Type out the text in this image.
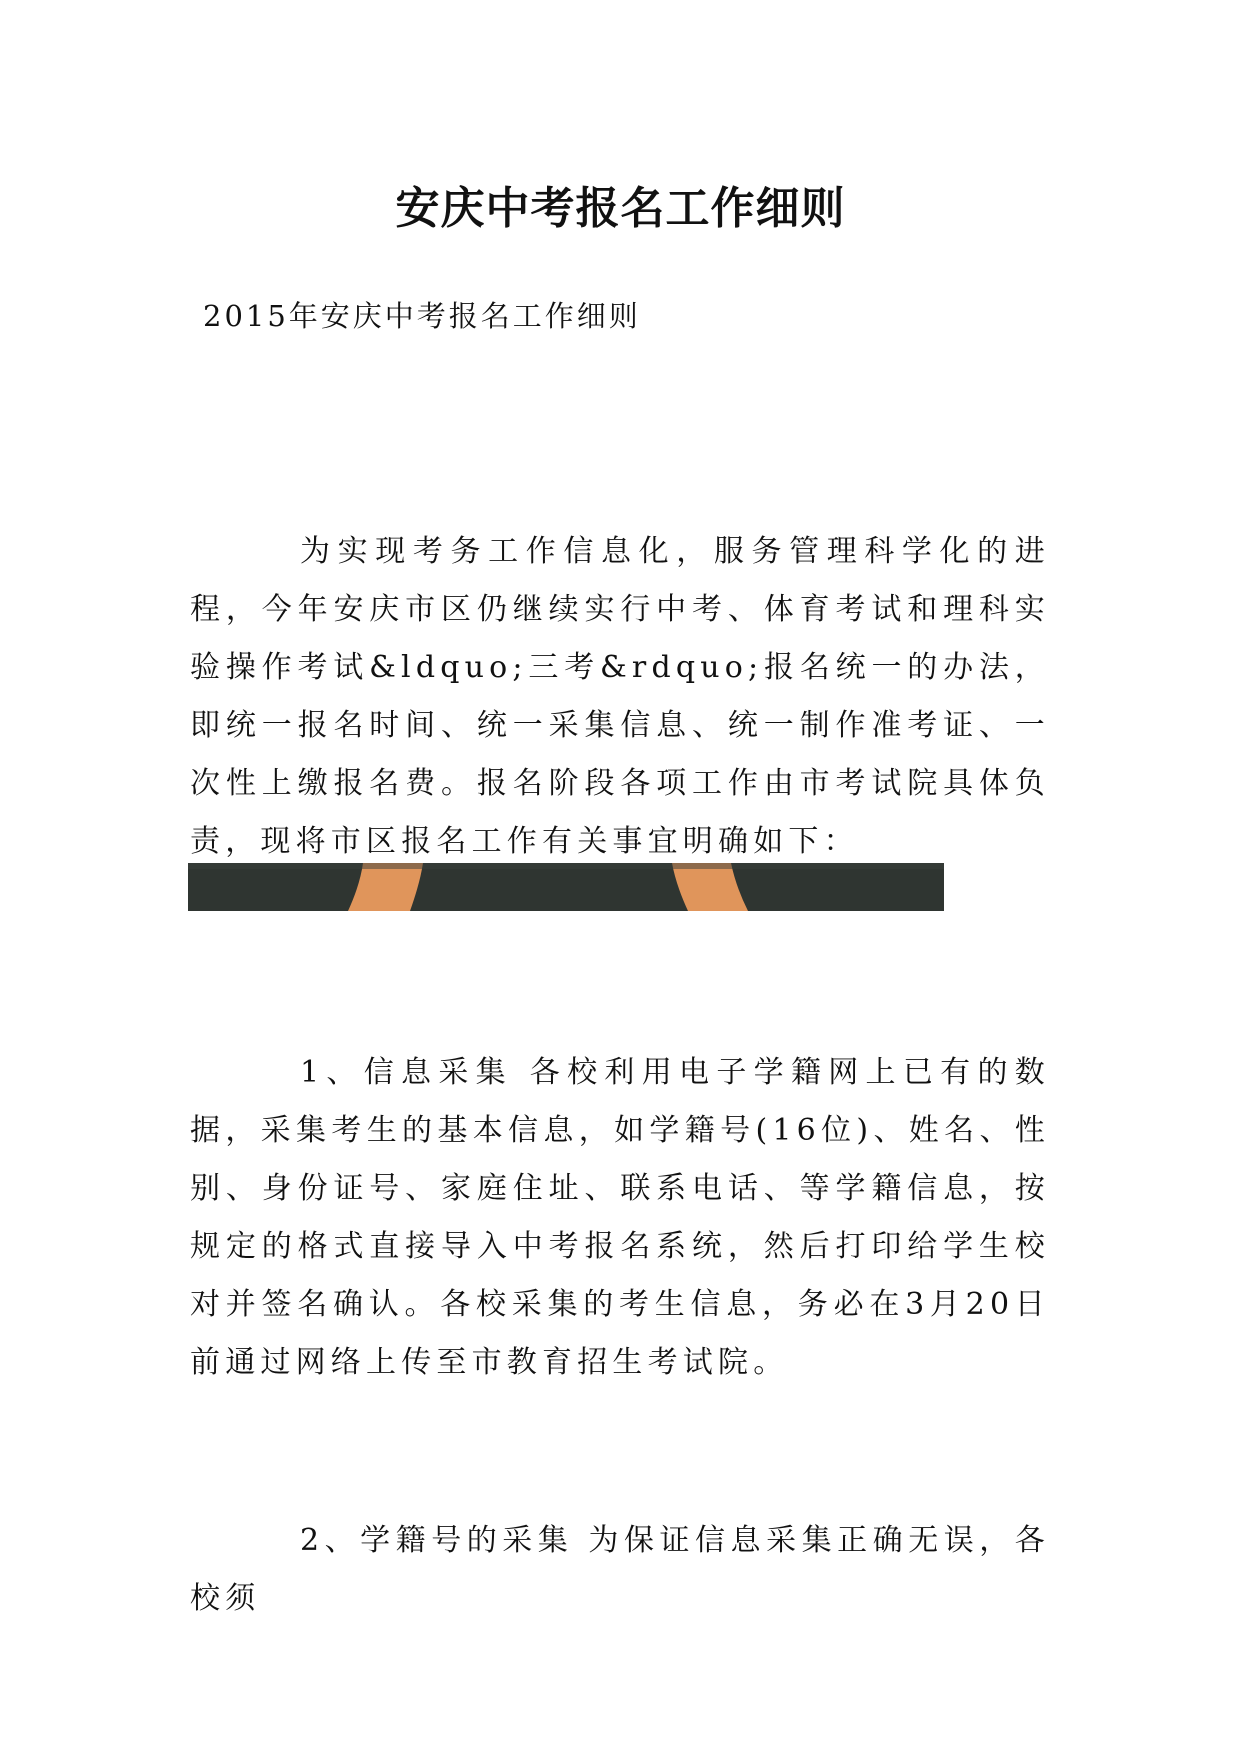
安庆中考报名工作细则
2015年安庆中考报名工作细则

为实现考务工作信息化，服务管理科学化的进程，今年安庆市区仍继续实行中考、体育考试和理科实验操作考试&ldquo;三考&rdquo;报名统一的办法，即统一报名时间、统一采集信息、统一制作准考证、一次性上缴报名费。报名阶段各项工作由市考试院具体负责，现将市区报名工作有关事宜明确如下：

1、信息采集 各校利用电子学籍网上已有的数据，采集考生的基本信息，如学籍号(16位)、姓名、性别、身份证号、家庭住址、联系电话、等学籍信息，按规定的格式直接导入中考报名系统，然后打印给学生校对并签名确认。各校采集的考生信息，务必在3月20日前通过网络上传至市教育招生考试院。

2、学籍号的采集 为保证信息采集正确无误，各校须
